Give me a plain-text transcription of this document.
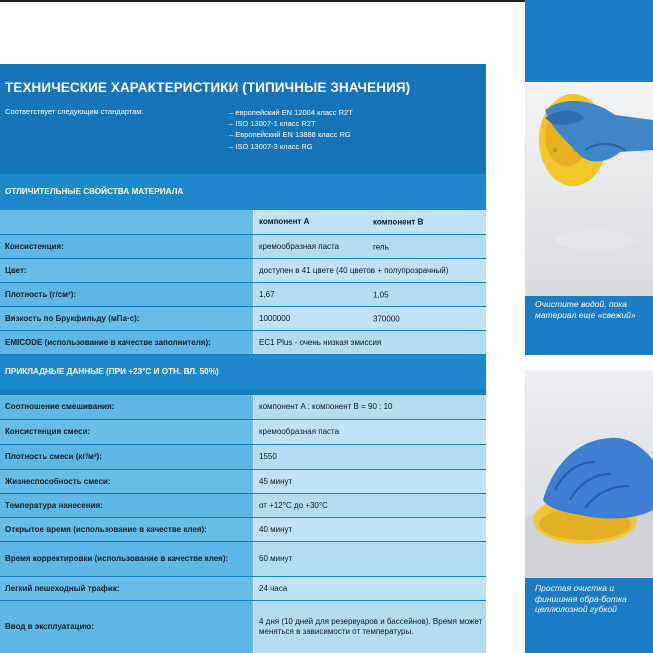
ТЕХНИЧЕСКИЕ ХАРАКТЕРИСТИКИ (ТИПИЧНЫЕ ЗНАЧЕНИЯ)
Соответствует следующим стандартам:	– европейский EN 12004 класс R2T
– ISO 13007-1 класс R2T
– Европейский EN 13888 класс RG
– ISO 13007-3 класс RG
ОТЛИЧИТЕЛЬНЫЕ СВОЙСТВА МАТЕРИАЛА
компонент A	компонент B
Консистенция:	кремообразная паста	гель
Цвет:	доступен в 41 цвете (40 цветов + полупрозрачный)
Плотность (г/см³):	1,67	1,05
Вязкость по Брукфильду (мПа·с):	1000000	370000
EMICODE (использование в качестве заполнителя):	EC1 Plus - очень низкая эмиссия
ПРИКЛАДНЫЕ ДАННЫЕ (ПРИ +23°C И ОТН. ВЛ. 50%)
Соотношение смешивания:	компонент A : компонент B = 90 : 10
Консистенция смеси:	кремообразная паста
Плотность смеси (кг/м³):	1550
Жизнеспособность смеси:	45 минут
Температура нанесения:	от +12°C до +30°C
Открытое время (использование в качестве клея):	40 минут
Время корректировки (использование в качестве клея):	60 минут
Легкий пешеходный трафик:	24 часа
Ввод в эксплуатацию:
4 дня (10 дней для резервуаров и бассейнов). Время может меняться в зависимости от температуры.
Очистите водой, пока материал еще «свежий»
Простая очистка и финишная обра-ботка целлюлозной губкой
